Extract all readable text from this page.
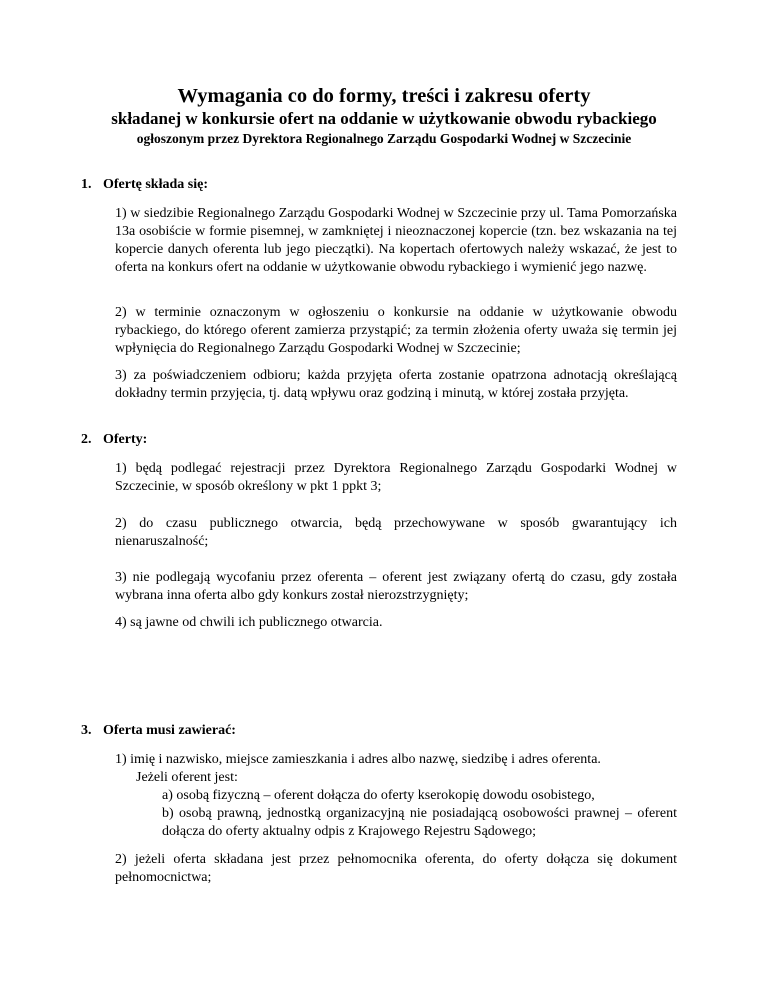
Wymagania co do formy, treści i zakresu oferty
składanej w konkursie ofert na oddanie w użytkowanie obwodu rybackiego
ogłoszonym przez Dyrektora Regionalnego Zarządu Gospodarki Wodnej w Szczecinie
1. Ofertę składa się:
1) w siedzibie Regionalnego Zarządu Gospodarki Wodnej w Szczecinie przy ul. Tama Pomorzańska 13a osobiście w formie pisemnej, w zamkniętej i nieoznaczonej kopercie (tzn. bez wskazania na tej kopercie danych oferenta lub jego pieczątki). Na kopertach ofertowych należy wskazać, że jest to oferta na konkurs ofert na oddanie w użytkowanie obwodu rybackiego i wymienić jego nazwę.
2) w terminie oznaczonym w ogłoszeniu o konkursie na oddanie w użytkowanie obwodu rybackiego, do którego oferent zamierza przystąpić; za termin złożenia oferty uważa się termin jej wpłynięcia do Regionalnego Zarządu Gospodarki Wodnej w Szczecinie;
3) za poświadczeniem odbioru; każda przyjęta oferta zostanie opatrzona adnotacją określającą dokładny termin przyjęcia, tj. datą wpływu oraz godziną i minutą, w której została przyjęta.
2. Oferty:
1) będą podlegać rejestracji przez Dyrektora Regionalnego Zarządu Gospodarki Wodnej w Szczecinie, w sposób określony w pkt 1 ppkt 3;
2) do czasu publicznego otwarcia, będą przechowywane w sposób gwarantujący ich nienaruszalność;
3) nie podlegają wycofaniu przez oferenta – oferent jest związany ofertą do czasu, gdy została wybrana inna oferta albo gdy konkurs został nierozstrzygnięty;
4) są jawne od chwili ich publicznego otwarcia.
3. Oferta musi zawierać:
1) imię i nazwisko, miejsce zamieszkania i adres albo nazwę, siedzibę i adres oferenta.
Jeżeli oferent jest:
a) osobą fizyczną – oferent dołącza do oferty kserokopię dowodu osobistego,
b) osobą prawną, jednostką organizacyjną nie posiadającą osobowości prawnej – oferent dołącza do oferty aktualny odpis z Krajowego Rejestru Sądowego;
2) jeżeli oferta składana jest przez pełnomocnika oferenta, do oferty dołącza się dokument pełnomocnictwa;
